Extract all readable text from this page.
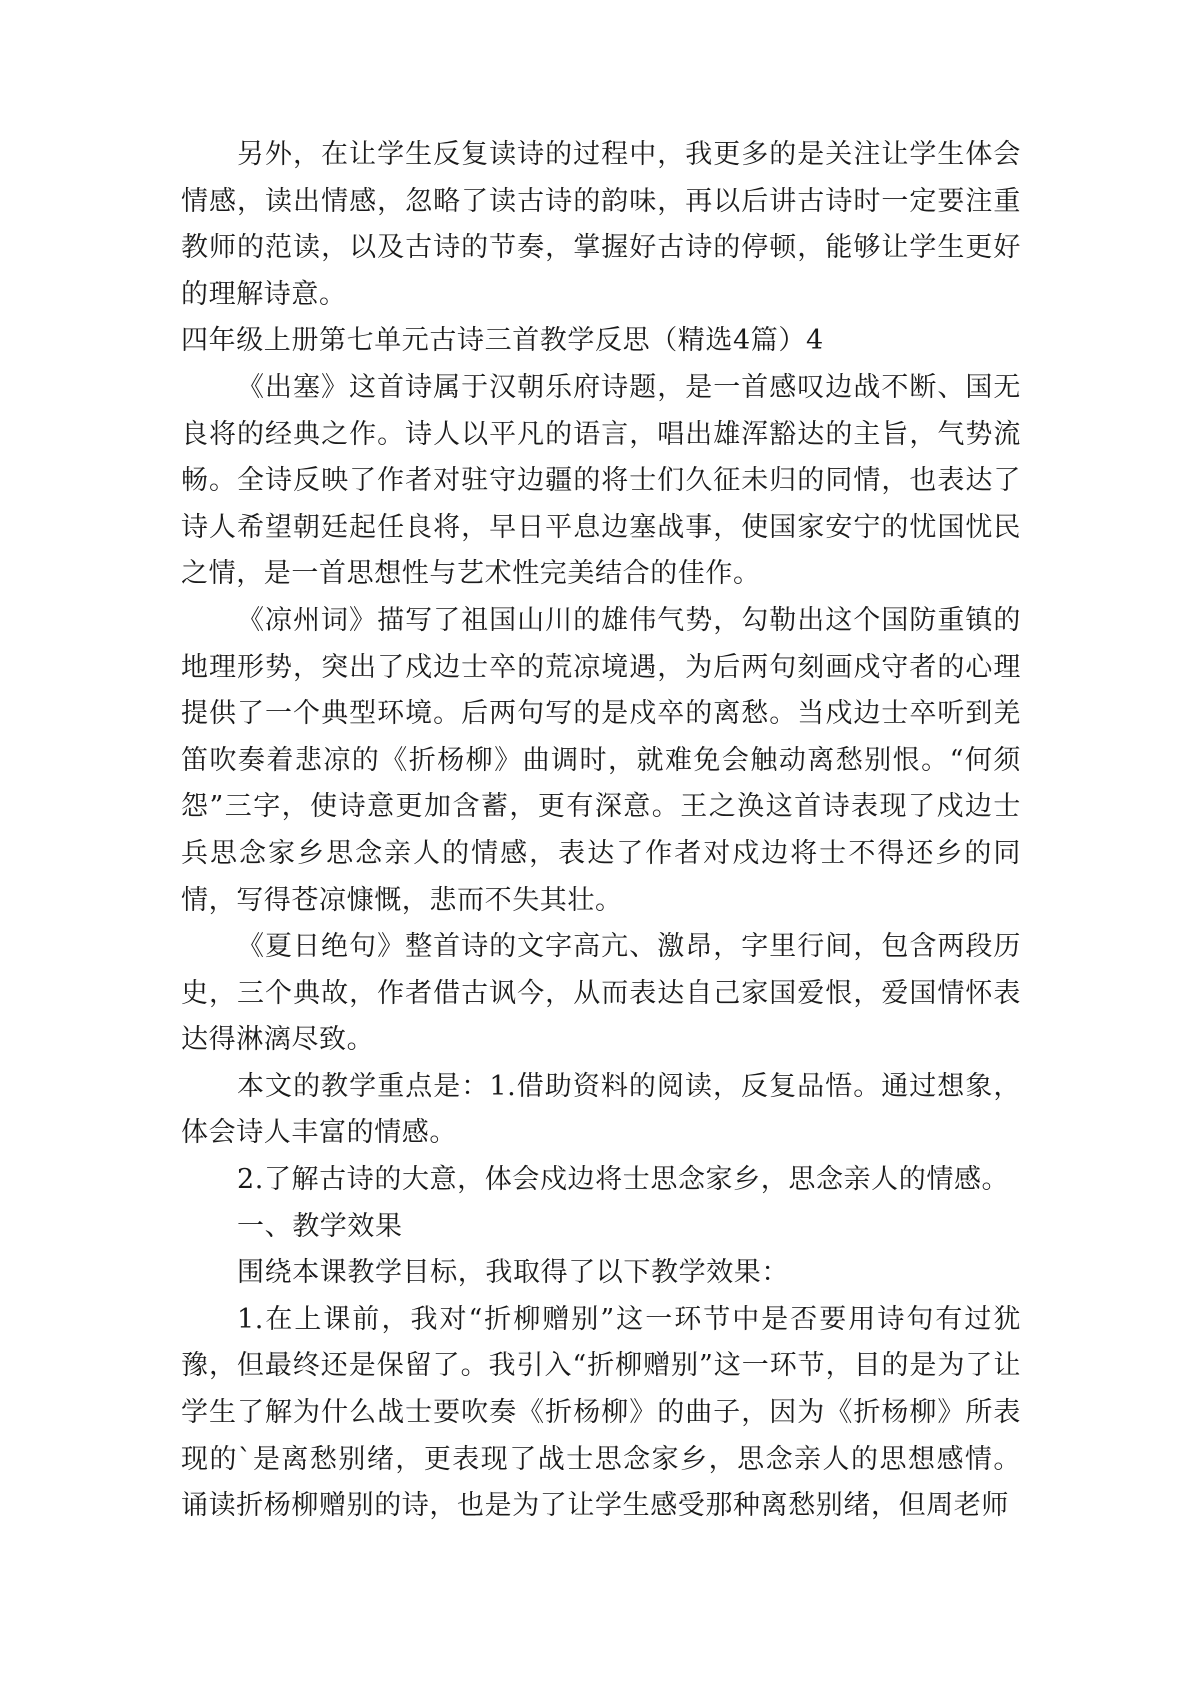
另外，在让学生反复读诗的过程中，我更多的是关注让学生体会情感，读出情感，忽略了读古诗的韵味，再以后讲古诗时一定要注重教师的范读，以及古诗的节奏，掌握好古诗的停顿，能够让学生更好的理解诗意。

四年级上册第七单元古诗三首教学反思（精选4篇）4

《出塞》这首诗属于汉朝乐府诗题，是一首感叹边战不断、国无良将的经典之作。诗人以平凡的语言，唱出雄浑豁达的主旨，气势流畅。全诗反映了作者对驻守边疆的将士们久征未归的同情，也表达了诗人希望朝廷起任良将，早日平息边塞战事，使国家安宁的忧国忧民之情，是一首思想性与艺术性完美结合的佳作。

《凉州词》描写了祖国山川的雄伟气势，勾勒出这个国防重镇的地理形势，突出了戍边士卒的荒凉境遇，为后两句刻画戍守者的心理提供了一个典型环境。后两句写的是戍卒的离愁。当戍边士卒听到羌笛吹奏着悲凉的《折杨柳》曲调时，就难免会触动离愁别恨。“何须怨”三字，使诗意更加含蓄，更有深意。王之涣这首诗表现了戍边士兵思念家乡思念亲人的情感，表达了作者对戍边将士不得还乡的同情，写得苍凉慷慨，悲而不失其壮。

《夏日绝句》整首诗的文字高亢、激昂，字里行间，包含两段历史，三个典故，作者借古讽今，从而表达自己家国爱恨，爱国情怀表达得淋漓尽致。

本文的教学重点是：1.借助资料的阅读，反复品悟。通过想象，体会诗人丰富的情感。

2.了解古诗的大意，体会戍边将士思念家乡，思念亲人的情感。

一、教学效果

围绕本课教学目标，我取得了以下教学效果：

1.在上课前，我对“折柳赠别”这一环节中是否要用诗句有过犹豫，但最终还是保留了。我引入“折柳赠别”这一环节，目的是为了让学生了解为什么战士要吹奏《折杨柳》的曲子，因为《折杨柳》所表现的`是离愁别绪，更表现了战士思念家乡，思念亲人的思想感情。诵读折杨柳赠别的诗，也是为了让学生感受那种离愁别绪，但周老师
